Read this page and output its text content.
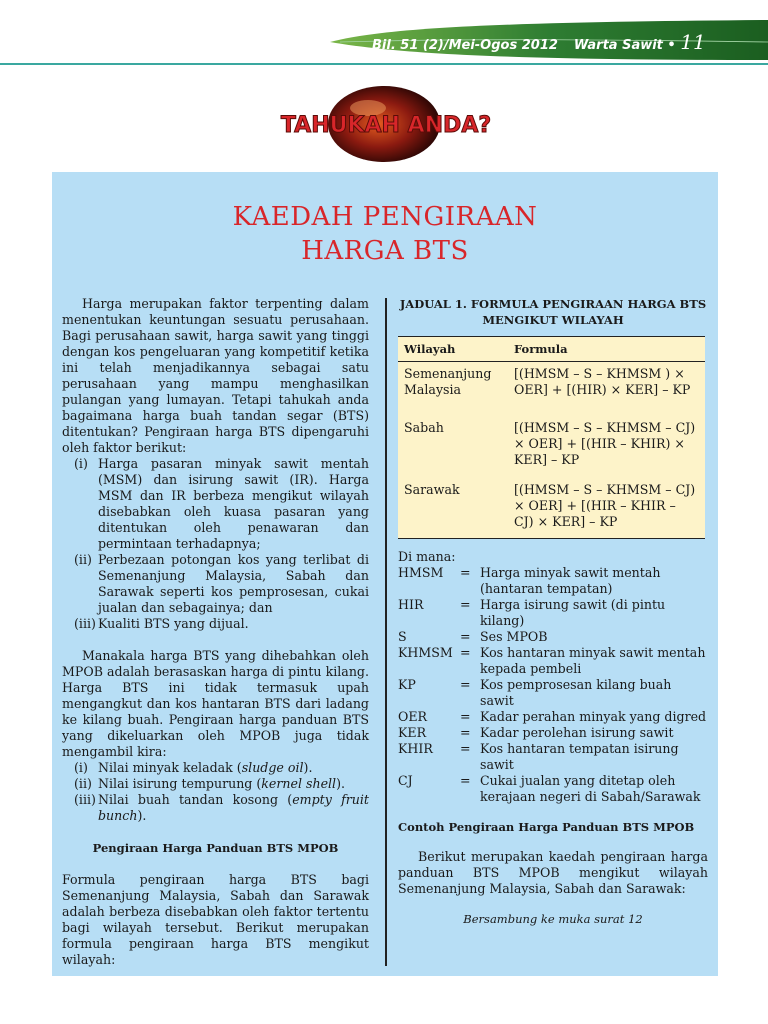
Bil. 51 (2)/Mei-Ogos 2012 Warta Sawit • 11
TAHUKAH ANDA?
KAEDAH PENGIRAAN
HARGA BTS

Harga merupakan faktor terpenting dalam menentukan keuntungan sesuatu perusahaan. Bagi perusahaan sawit, harga sawit yang tinggi dengan kos pengeluaran yang kompetitif ketika ini telah menjadikannya sebagai satu perusahaan yang mampu menghasilkan pulangan yang lumayan. Tetapi tahukah anda bagaimana harga buah tandan segar (BTS) ditentukan? Pengiraan harga BTS dipengaruhi oleh faktor berikut:

(i) Harga pasaran minyak sawit mentah (MSM) dan isirung sawit (IR). Harga MSM dan IR berbeza mengikut wilayah disebabkan oleh kuasa pasaran yang ditentukan oleh penawaran dan permintaan terhadapnya;
(ii) Perbezaan potongan kos yang terlibat di Semenanjung Malaysia, Sabah dan Sarawak seperti kos pemprosesan, cukai jualan dan sebagainya; dan
(iii) Kualiti BTS yang dijual.

Manakala harga BTS yang dihebahkan oleh MPOB adalah berasaskan harga di pintu kilang. Harga BTS ini tidak termasuk upah mengangkut dan kos hantaran BTS dari ladang ke kilang buah. Pengiraan harga panduan BTS yang dikeluarkan oleh MPOB juga tidak mengambil kira:

(i) Nilai minyak keladak (sludge oil).
(ii) Nilai isirung tempurung (kernel shell).
(iii) Nilai buah tandan kosong (empty fruit bunch).

Pengiraan Harga Panduan BTS MPOB

Formula pengiraan harga BTS bagi Semenanjung Malaysia, Sabah dan Sarawak adalah berbeza disebabkan oleh faktor tertentu bagi wilayah tersebut. Berikut merupakan formula pengiraan harga BTS mengikut wilayah:

JADUAL 1. FORMULA PENGIRAAN HARGA BTS MENGIKUT WILAYAH
Wilayah	Formula
Semenanjung Malaysia	[(HMSM – S – KHMSM ) × OER] + [(HIR) × KER] – KP
Sabah	[(HMSM – S – KHMSM – CJ) × OER] + [(HIR – KHIR) × KER] – KP
Sarawak	[(HMSM – S – KHMSM – CJ) × OER] + [(HIR – KHIR – CJ) × KER] – KP
Di mana:
HMSM	= Harga minyak sawit mentah (hantaran tempatan)
HIR	= Harga isirung sawit (di pintu kilang)
S	= Ses MPOB
KHMSM = Kos hantaran minyak sawit mentah kepada pembeli
KP	= Kos pemprosesan kilang buah sawit
OER	= Kadar perahan minyak yang digred
KER	= Kadar perolehan isirung sawit
KHIR	= Kos hantaran tempatan isirung sawit
CJ	= Cukai jualan yang ditetap oleh kerajaan negeri di Sabah/Sarawak
Contoh Pengiraan Harga Panduan BTS MPOB

Berikut merupakan kaedah pengiraan harga panduan BTS MPOB mengikut wilayah Semenanjung Malaysia, Sabah dan Sarawak:

Bersambung ke muka surat 12
